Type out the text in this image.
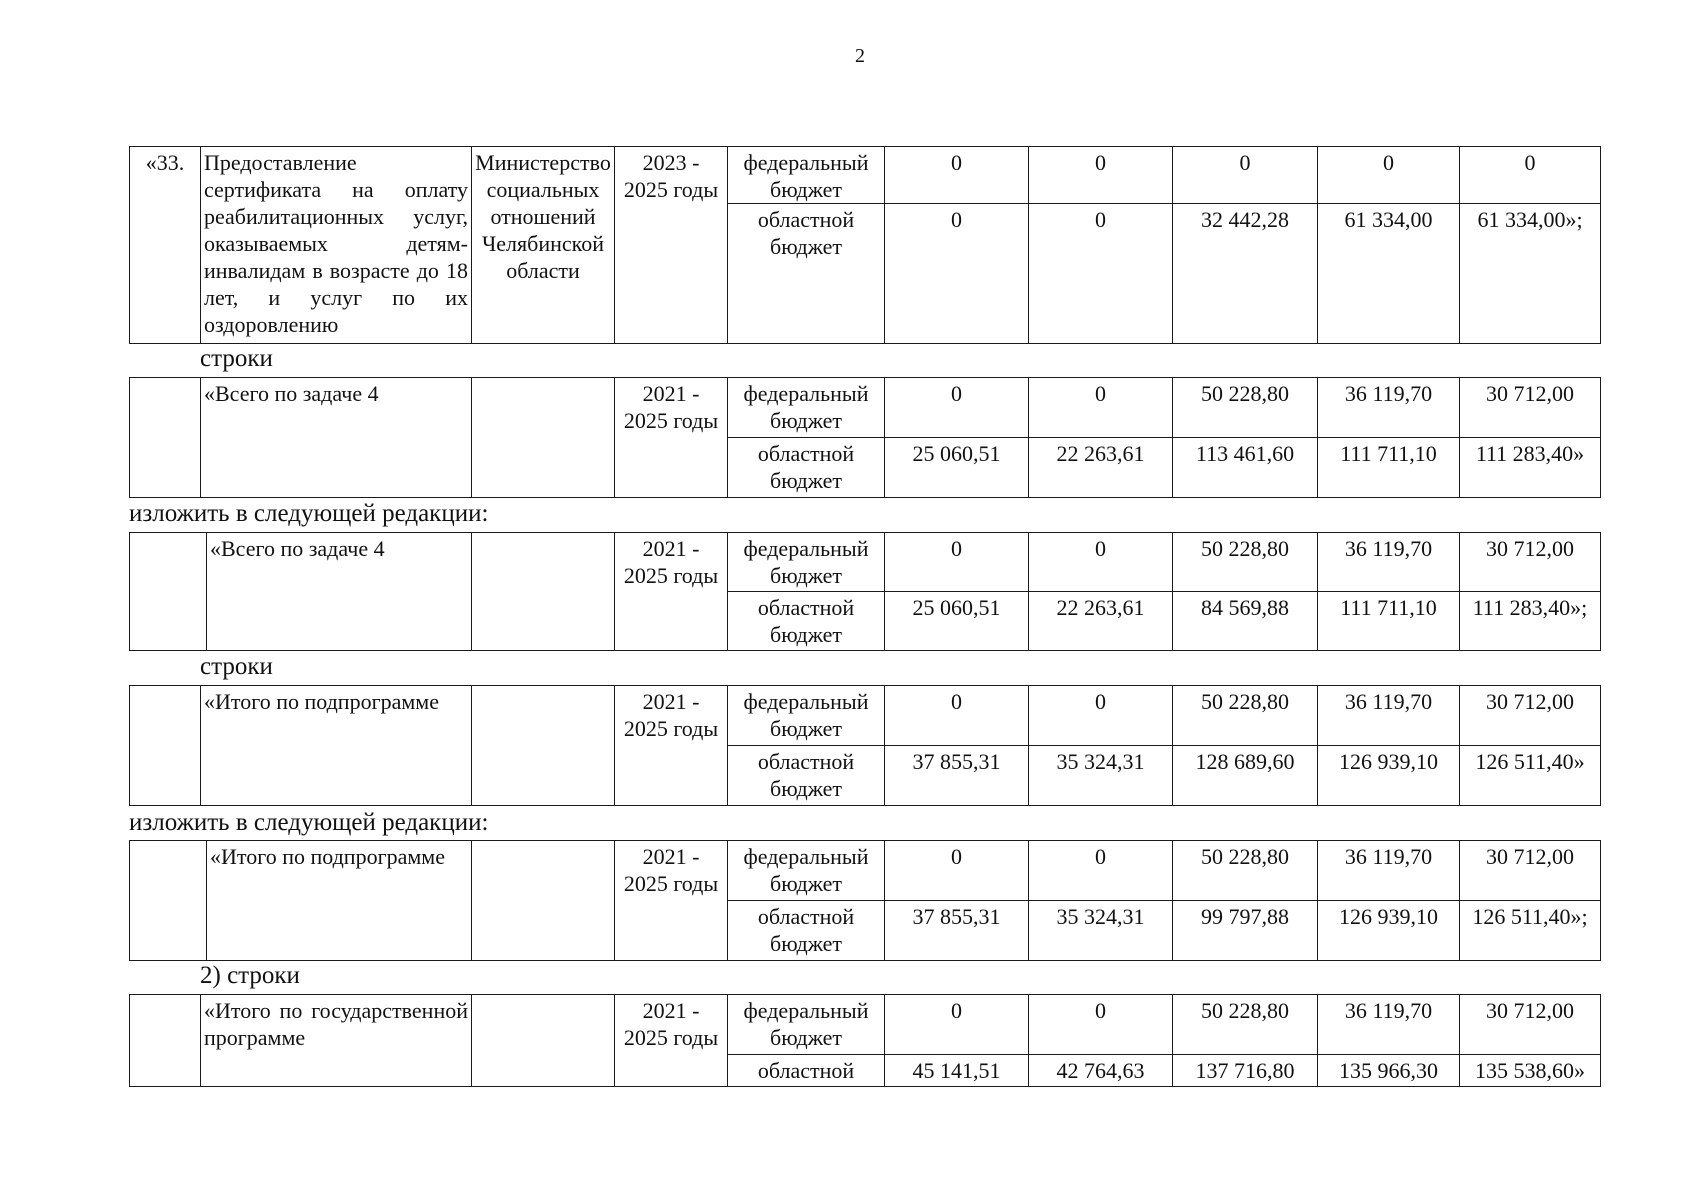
2
«33.	Предоставление сертификата на оплату реабилитационных услуг, оказываемых детям-инвалидам в возрасте до 18 лет, и услуг по их оздоровлению	Министерство социальных отношений Челябинской области	2023 - 2025 годы	федеральный бюджет	0	0	0	0	0
				областной бюджет	0	0	32 442,28	61 334,00	61 334,00»;
строки
	«Всего по задаче 4		2021 - 2025 годы	федеральный бюджет	0	0	50 228,80	36 119,70	30 712,00
				областной бюджет	25 060,51	22 263,61	113 461,60	111 711,10	111 283,40»
изложить в следующей редакции:
	«Всего по задаче 4		2021 - 2025 годы	федеральный бюджет	0	0	50 228,80	36 119,70	30 712,00
				областной бюджет	25 060,51	22 263,61	84 569,88	111 711,10	111 283,40»;
строки
	«Итого по подпрограмме		2021 - 2025 годы	федеральный бюджет	0	0	50 228,80	36 119,70	30 712,00
				областной бюджет	37 855,31	35 324,31	128 689,60	126 939,10	126 511,40»
изложить в следующей редакции:
	«Итого по подпрограмме		2021 - 2025 годы	федеральный бюджет	0	0	50 228,80	36 119,70	30 712,00
				областной бюджет	37 855,31	35 324,31	99 797,88	126 939,10	126 511,40»;
2) строки
	«Итого по государственной программе		2021 - 2025 годы	федеральный бюджет	0	0	50 228,80	36 119,70	30 712,00
				областной	45 141,51	42 764,63	137 716,80	135 966,30	135 538,60»
